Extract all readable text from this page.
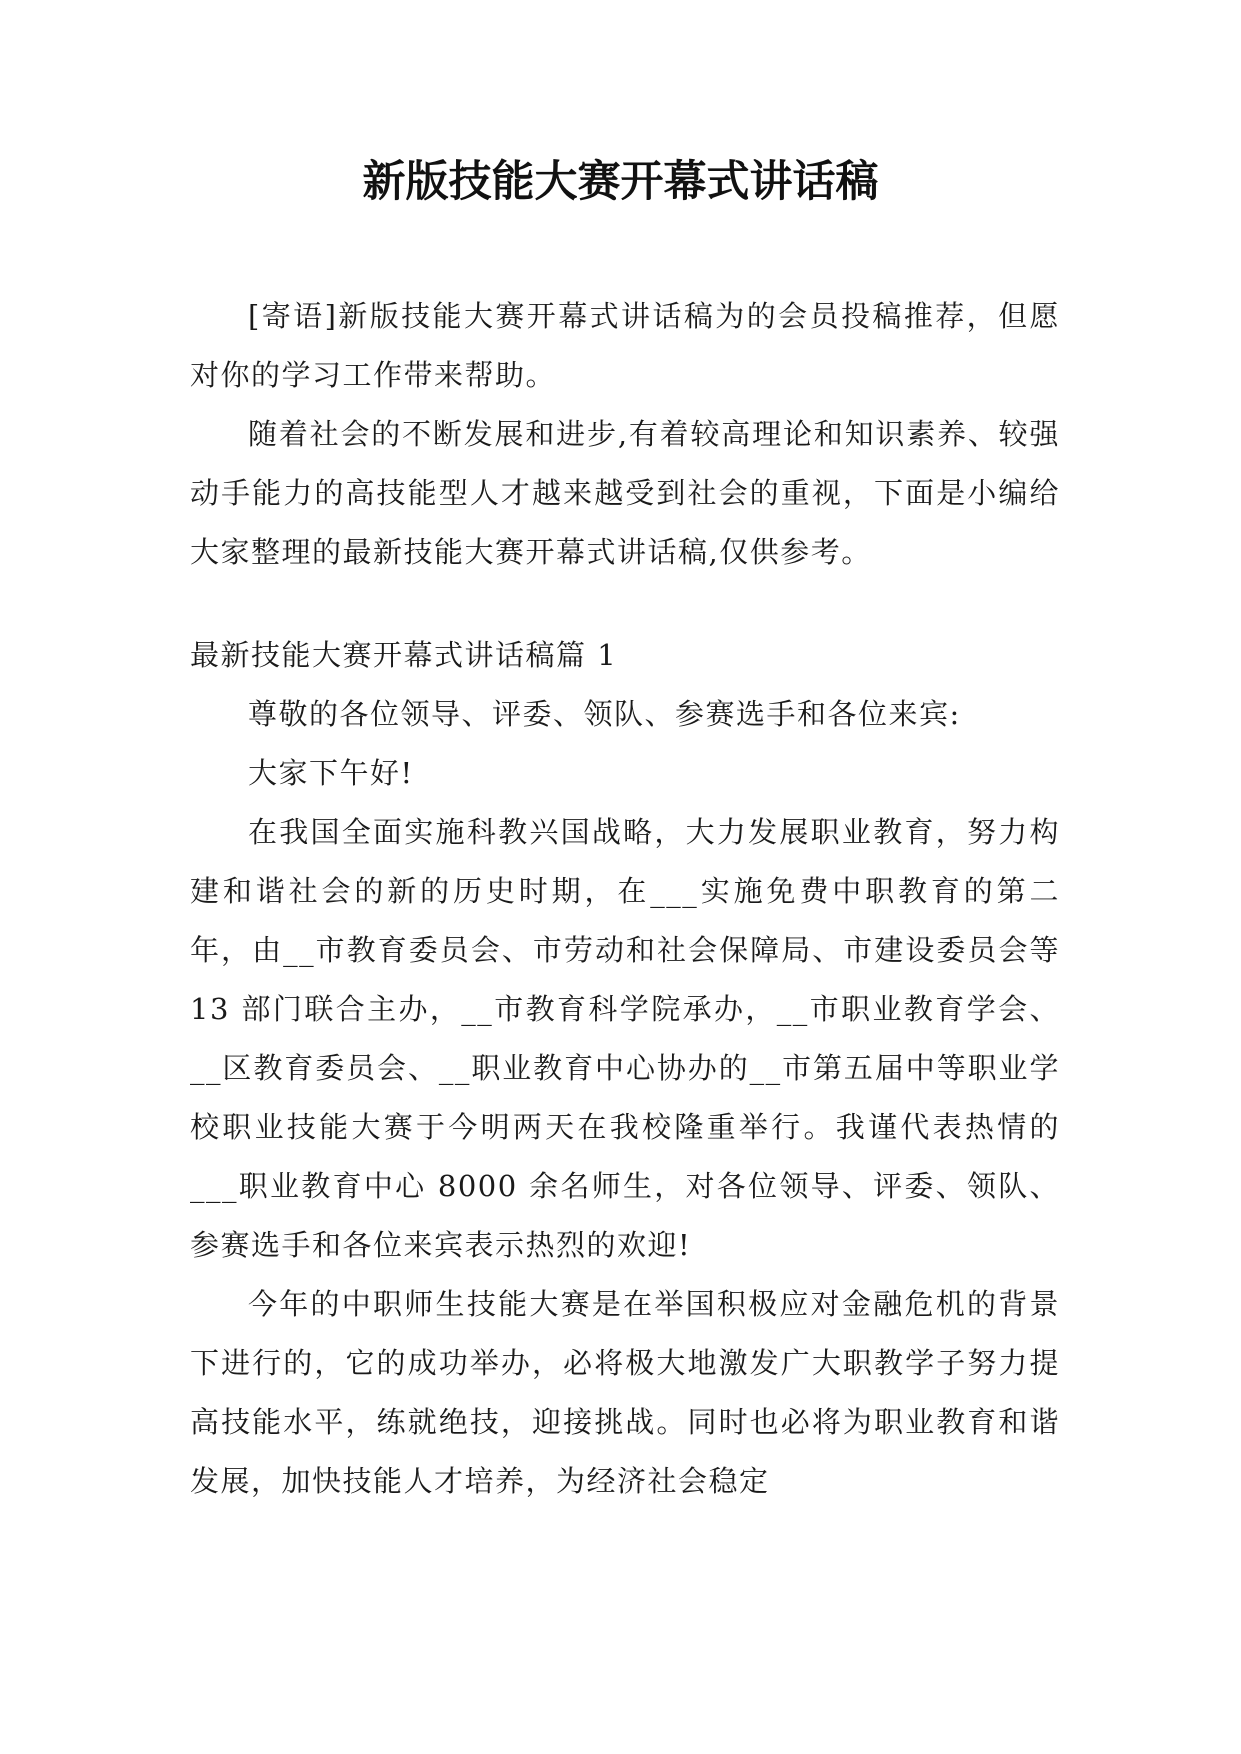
新版技能大赛开幕式讲话稿

[寄语]新版技能大赛开幕式讲话稿为的会员投稿推荐，但愿对你的学习工作带来帮助。

随着社会的不断发展和进步,有着较高理论和知识素养、较强动手能力的高技能型人才越来越受到社会的重视，下面是小编给大家整理的最新技能大赛开幕式讲话稿,仅供参考。

最新技能大赛开幕式讲话稿篇 1

尊敬的各位领导、评委、领队、参赛选手和各位来宾:

大家下午好!

在我国全面实施科教兴国战略，大力发展职业教育，努力构建和谐社会的新的历史时期，在___实施免费中职教育的第二年，由__市教育委员会、市劳动和社会保障局、市建设委员会等 13 部门联合主办，__市教育科学院承办，__市职业教育学会、__区教育委员会、__职业教育中心协办的__市第五届中等职业学校职业技能大赛于今明两天在我校隆重举行。我谨代表热情的___职业教育中心 8000 余名师生，对各位领导、评委、领队、参赛选手和各位来宾表示热烈的欢迎!

今年的中职师生技能大赛是在举国积极应对金融危机的背景下进行的，它的成功举办，必将极大地激发广大职教学子努力提高技能水平，练就绝技，迎接挑战。同时也必将为职业教育和谐发展，加快技能人才培养，为经济社会稳定
